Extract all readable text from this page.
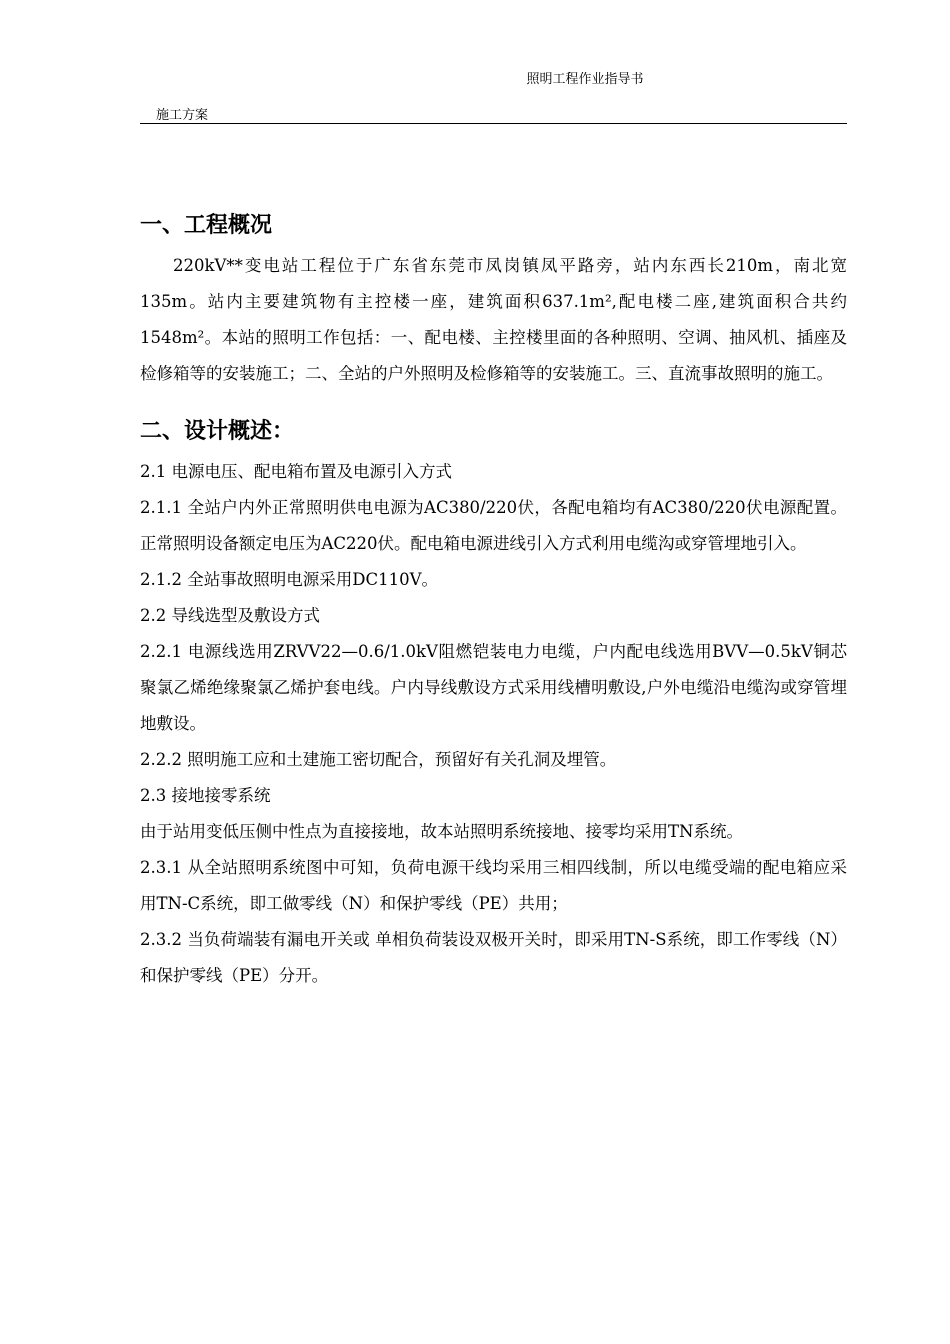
照明工程作业指导书
施工方案
一、工程概况

220kV**变电站工程位于广东省东莞市凤岗镇凤平路旁，站内东西长210m，南北宽135m。站内主要建筑物有主控楼一座，建筑面积637.1m²,配电楼二座,建筑面积合共约1548m²。本站的照明工作包括：一、配电楼、主控楼里面的各种照明、空调、抽风机、插座及检修箱等的安装施工；二、全站的户外照明及检修箱等的安装施工。三、直流事故照明的施工。

二、设计概述：

2.1 电源电压、配电箱布置及电源引入方式

2.1.1 全站户内外正常照明供电电源为AC380/220伏，各配电箱均有AC380/220伏电源配置。正常照明设备额定电压为AC220伏。配电箱电源进线引入方式利用电缆沟或穿管埋地引入。

2.1.2 全站事故照明电源采用DC110V。

2.2 导线选型及敷设方式

2.2.1 电源线选用ZRVV22—0.6/1.0kV阻燃铠装电力电缆，户内配电线选用BVV—0.5kV铜芯聚氯乙烯绝缘聚氯乙烯护套电线。户内导线敷设方式采用线槽明敷设,户外电缆沿电缆沟或穿管埋地敷设。

2.2.2 照明施工应和土建施工密切配合，预留好有关孔洞及埋管。

2.3 接地接零系统

由于站用变低压侧中性点为直接接地，故本站照明系统接地、接零均采用TN系统。

2.3.1 从全站照明系统图中可知，负荷电源干线均采用三相四线制，所以电缆受端的配电箱应采用TN-C系统，即工做零线（N）和保护零线（PE）共用；

2.3.2 当负荷端装有漏电开关或 单相负荷装设双极开关时，即采用TN-S系统，即工作零线（N）和保护零线（PE）分开。
